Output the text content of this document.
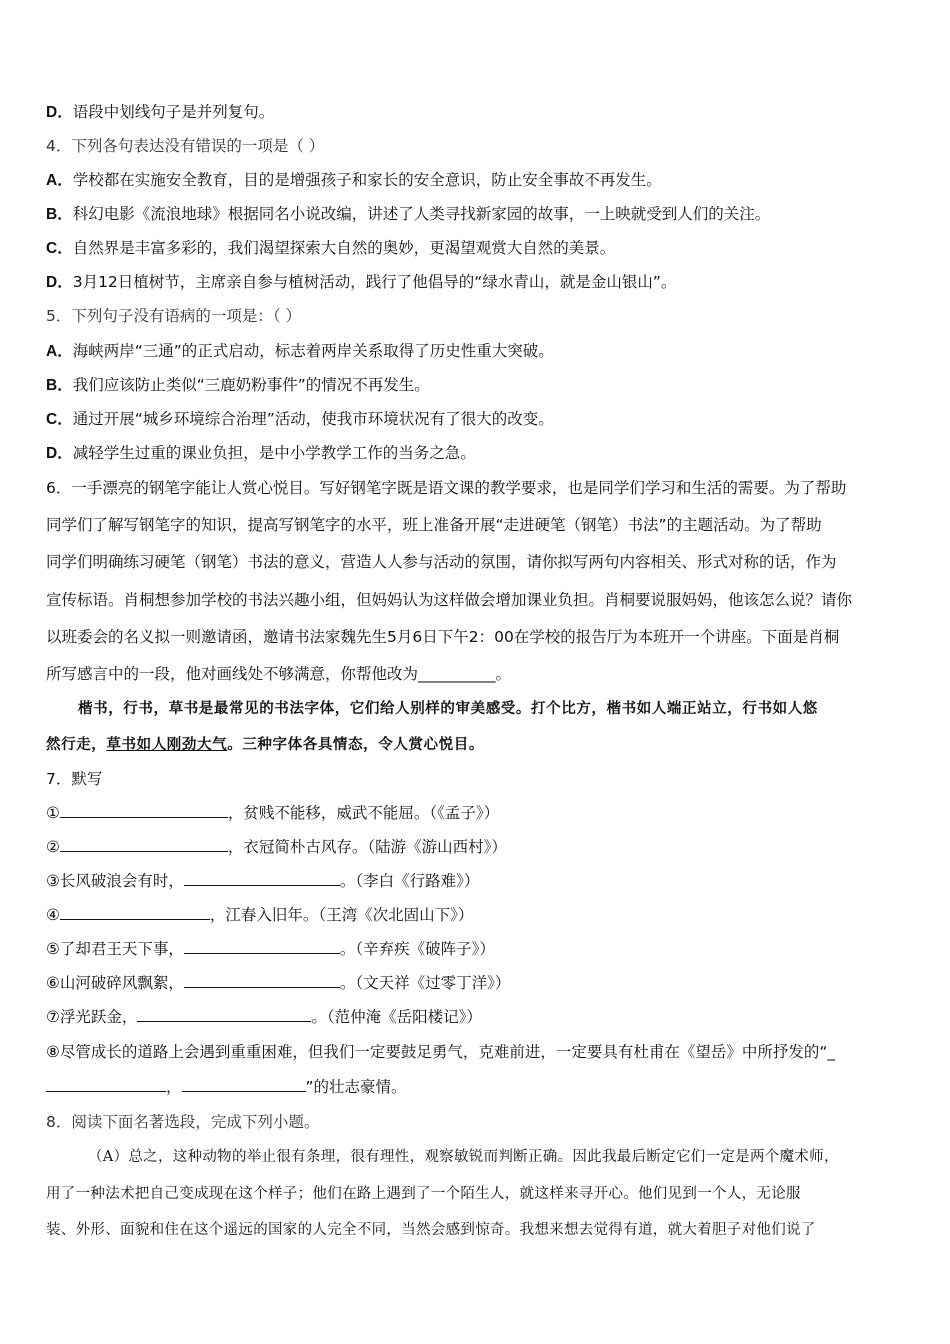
D．语段中划线句子是并列复句。
4．下列各句表达没有错误的一项是（ ）
A．学校都在实施安全教育，目的是增强孩子和家长的安全意识，防止安全事故不再发生。
B．科幻电影《流浪地球》根据同名小说改编，讲述了人类寻找新家园的故事，一上映就受到人们的关注。
C．自然界是丰富多彩的，我们渴望探索大自然的奥妙，更渴望观赏大自然的美景。
D．3月12日植树节，主席亲自参与植树活动，践行了他倡导的“绿水青山，就是金山银山”。
5．下列句子没有语病的一项是：（ ）
A．海峡两岸“三通”的正式启动，标志着两岸关系取得了历史性重大突破。
B．我们应该防止类似“三鹿奶粉事件”的情况不再发生。
C．通过开展“城乡环境综合治理”活动，使我市环境状况有了很大的改变。
D．减轻学生过重的课业负担，是中小学教学工作的当务之急。
6．一手漂亮的钢笔字能让人赏心悦目。写好钢笔字既是语文课的教学要求，也是同学们学习和生活的需要。为了帮助
同学们了解写钢笔字的知识，提高写钢笔字的水平，班上准备开展“走进硬笔（钢笔）书法”的主题活动。为了帮助
同学们明确练习硬笔（钢笔）书法的意义，营造人人参与活动的氛围，请你拟写两句内容相关、形式对称的话，作为
宣传标语。肖桐想参加学校的书法兴趣小组，但妈妈认为这样做会增加课业负担。肖桐要说服妈妈，他该怎么说？请你
以班委会的名义拟一则邀请函，邀请书法家魏先生5月6日下午2：00在学校的报告厅为本班开一个讲座。下面是肖桐
所写感言中的一段，他对画线处不够满意，你帮他改为__________。
楷书，行书，草书是最常见的书法字体，它们给人别样的审美感受。打个比方，楷书如人端正站立，行书如人悠
然行走，草书如人刚劲大气。三种字体各具情态，令人赏心悦目。
7．默写
①	，贫贱不能移，威武不能屈。（《孟子》）
②	，衣冠简朴古风存。（陆游《游山西村》）
③长风破浪会有时，	。（李白《行路难》）
④	，江春入旧年。（王湾《次北固山下》）
⑤了却君王天下事，	。（辛弃疾《破阵子》）
⑥山河破碎风飘絮，	。（文天祥《过零丁洋》）
⑦浮光跃金，	。（范仲淹《岳阳楼记》）
⑧尽管成长的道路上会遇到重重困难，但我们一定要鼓足勇气，克难前进，一定要具有杜甫在《望岳》中所抒发的“_
，	”的壮志豪情。
8．阅读下面名著选段，完成下列小题。
（A）总之，这种动物的举止很有条理，很有理性，观察敏锐而判断正确。因此我最后断定它们一定是两个魔术师，
用了一种法术把自己变成现在这个样子；他们在路上遇到了一个陌生人，就这样来寻开心。他们见到一个人，无论服
装、外形、面貌和住在这个遥远的国家的人完全不同，当然会感到惊奇。我想来想去觉得有道，就大着胆子对他们说了
